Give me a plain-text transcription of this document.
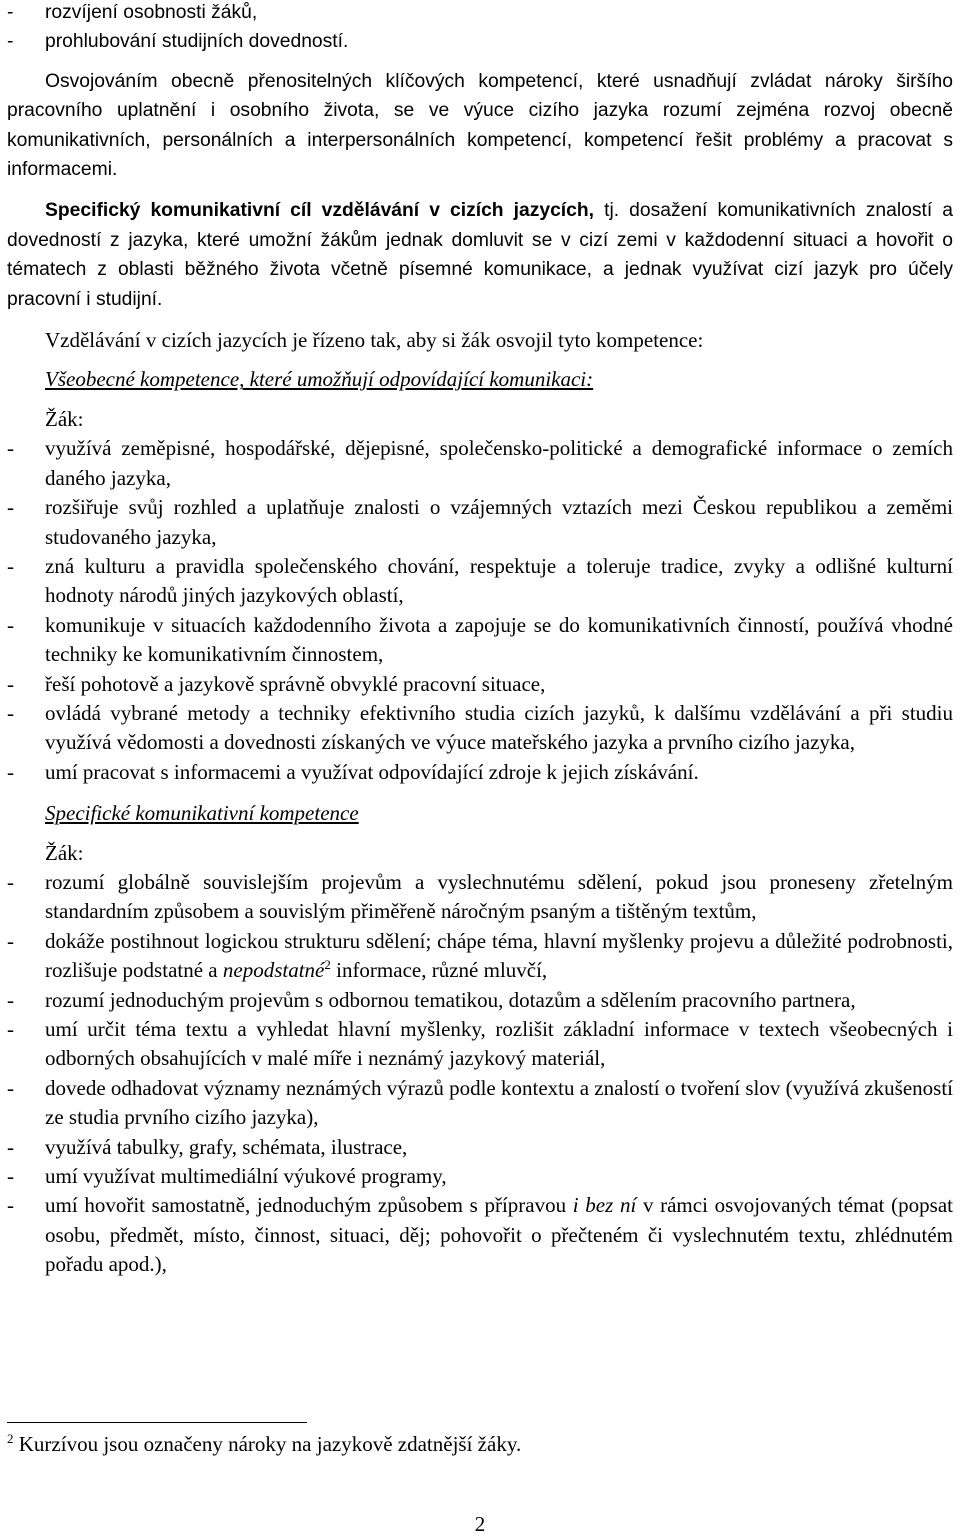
- rozvíjení osobnosti žáků,
- prohlubování studijních dovedností.

Osvojováním obecně přenositelných klíčových kompetencí, které usnadňují zvládat nároky širšího pracovního uplatnění i osobního života, se ve výuce cizího jazyka rozumí zejména rozvoj obecně komunikativních, personálních a interpersonálních kompetencí, kompetencí řešit problémy a pracovat s informacemi.

Specifický komunikativní cíl vzdělávání v cizích jazycích, tj. dosažení komunikativních znalostí a dovedností z jazyka, které umožní žákům jednak domluvit se v cizí zemi v každodenní situaci a hovořit o tématech z oblasti běžného života včetně písemné komunikace, a jednak využívat cizí jazyk pro účely pracovní i studijní.

Vzdělávání v cizích jazycích je řízeno tak, aby si žák osvojil tyto kompetence:
Všeobecné kompetence, které umožňují odpovídající komunikaci:
Žák:
- využívá zeměpisné, hospodářské, dějepisné, společensko-politické a demografické informace o zemích daného jazyka,
- rozšiřuje svůj rozhled a uplatňuje znalosti o vzájemných vztazích mezi Českou republikou a zeměmi studovaného jazyka,
- zná kulturu a pravidla společenského chování, respektuje a toleruje tradice, zvyky a odlišné kulturní hodnoty národů jiných jazykových oblastí,
- komunikuje v situacích každodenního života a zapojuje se do komunikativních činností, používá vhodné techniky ke komunikativním činnostem,
- řeší pohotově a jazykově správně obvyklé pracovní situace,
- ovládá vybrané metody a techniky efektivního studia cizích jazyků, k dalšímu vzdělávání a při studiu využívá vědomosti a dovednosti získaných ve výuce mateřského jazyka a prvního cizího jazyka,
- umí pracovat s informacemi a využívat odpovídající zdroje k jejich získávání.
Specifické komunikativní kompetence
Žák:
- rozumí globálně souvislejším projevům a vyslechnutému sdělení, pokud jsou proneseny zřetelným standardním způsobem a souvislým přiměřeně náročným psaným a tištěným textům,
- dokáže postihnout logickou strukturu sdělení; chápe téma, hlavní myšlenky projevu a důležité podrobnosti, rozlišuje podstatné a nepodstatné$^2$ informace, různé mluvčí,
- rozumí jednoduchým projevům s odbornou tematikou, dotazům a sdělením pracovního partnera,
- umí určit téma textu a vyhledat hlavní myšlenky, rozlišit základní informace v textech všeobecných i odborných obsahujících v malé míře i neznámý jazykový materiál,
- dovede odhadovat významy neznámých výrazů podle kontextu a znalostí o tvoření slov (využívá zkušeností ze studia prvního cizího jazyka),
- využívá tabulky, grafy, schémata, ilustrace,
- umí využívat multimediální výukové programy,
- umí hovořit samostatně, jednoduchým způsobem s přípravou i bez ní v rámci osvojovaných témat (popsat osobu, předmět, místo, činnost, situaci, děj; pohovořit o přečteném či vyslechnutém textu, zhlédnutém pořadu apod.),
$^2$ Kurzívou jsou označeny nároky na jazykově zdatnější žáky.
2
